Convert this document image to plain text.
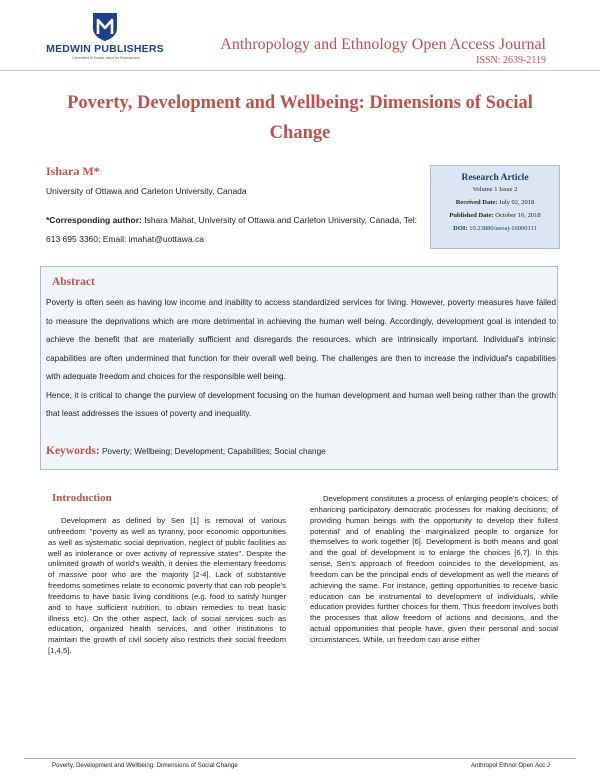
MEDWIN PUBLISHERS
Committed to Create Value for Researchers
Anthropology and Ethnology Open Access Journal
ISSN: 2639-2119
Poverty, Development and Wellbeing: Dimensions of Social Change
Ishara M*
University of Ottawa and Carleton University, Canada
*Corresponding author: Ishara Mahat, University of Ottawa and Carleton University, Canada, Tel: 613 695 3360; Email: imahat@uottawa.ca
Research Article
Volume 1 Issue 2
Received Date: July 02, 2018
Published Date: October 16, 2018
DOI: 10.23880/aeoaj-16000111
Abstract

Poverty is often seen as having low income and inability to access standardized services for living. However, poverty measures have failed to measure the deprivations which are more detrimental in achieving the human well being. Accordingly, development goal is intended to achieve the benefit that are materially sufficient and disregards the resources, which are intrinsically important. Individual's intrinsic capabilities are often undermined that function for their overall well being. The challenges are then to increase the individual's capabilities with adequate freedom and choices for the responsible well being.

Hence, it is critical to change the purview of development focusing on the human development and human well being rather than the growth that least addresses the issues of poverty and inequality.

Keywords: Poverty; Wellbeing; Development; Capabilities; Social change
Introduction

Development as defined by Sen [1] is removal of various unfreedom: "poverty as well as tyranny, poor economic opportunities as well as systematic social deprivation, neglect of public facilities as well as intolerance or over activity of repressive states". Despite the unlimited growth of world's wealth, it denies the elementary freedoms of massive poor who are the majority [2-4]. Lack of substantive freedoms sometimes relate to economic poverty that can rob people's freedoms to have basic living conditions (e.g. food to satisfy hunger and to have sufficient nutrition, to obtain remedies to treat basic illness etc). On the other aspect, lack of social services such as education, organized health services, and other institutions to maintain the growth of civil society also restricts their social freedom [1,4,5].

Development constitutes a process of enlarging people's choices; of enhancing participatory democratic processes for making decisions; of providing human beings with the opportunity to develop their fullest potential' and of enabling the marginalized people to organize for themselves to work together [6]. Development is both means and goal and the goal of development is to enlarge the choices [6,7]. In this sense, Sen's approach of freedom coincides to the development, as freedom can be the principal ends of development as well the means of achieving the same. For instance, getting opportunities to receive basic education can be instrumental to development of individuals, while education provides further choices for them. Thus freedom involves both the processes that allow freedom of actions and decisions, and the actual opportunities that people have, given their personal and social circumstances. While, un freedom can arise either

Poverty, Development and Wellbeing: Dimensions of Social Change	Anthropol Ethnol Open Acc J
